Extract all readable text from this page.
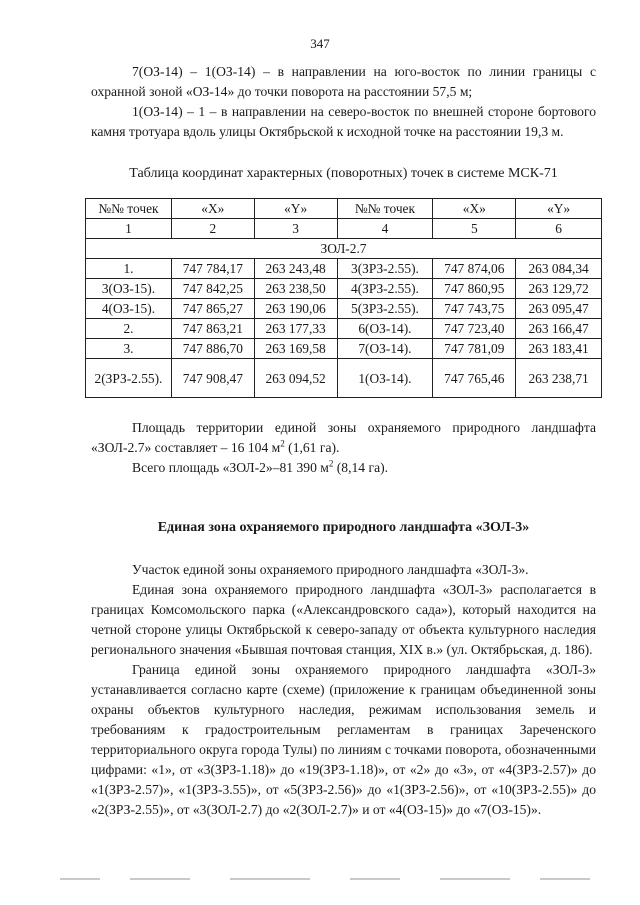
347

7(ОЗ-14) – 1(ОЗ-14) – в направлении на юго-восток по линии границы с охранной зоной «ОЗ-14» до точки поворота на расстоянии 57,5 м;

1(ОЗ-14) – 1 – в направлении на северо-восток по внешней стороне бортового камня тротуара вдоль улицы Октябрьской к исходной точке на расстоянии 19,3 м.

Таблица координат характерных (поворотных) точек в системе МСК-71
№№ точек	«X»	«Y»	№№ точек	«X»	«Y»
1	2	3	4	5	6
ЗОЛ-2.7					
1.	747 784,17	263 243,48	3(ЗРЗ-2.55).	747 874,06	263 084,34
3(ОЗ-15).	747 842,25	263 238,50	4(ЗРЗ-2.55).	747 860,95	263 129,72
4(ОЗ-15).	747 865,27	263 190,06	5(ЗРЗ-2.55).	747 743,75	263 095,47
2.	747 863,21	263 177,33	6(ОЗ-14).	747 723,40	263 166,47
3.	747 886,70	263 169,58	7(ОЗ-14).	747 781,09	263 183,41
2(ЗРЗ-2.55).	747 908,47	263 094,52	1(ОЗ-14).	747 765,46	263 238,71

Площадь территории единой зоны охраняемого природного ландшафта «ЗОЛ-2.7» составляет – 16 104 $м^2$ (1,61 га).

Всего площадь «ЗОЛ-2»–81 390 $м^2$ (8,14 га).

Единая зона охраняемого природного ландшафта «ЗОЛ-3»

Участок единой зоны охраняемого природного ландшафта «ЗОЛ-3».

Единая зона охраняемого природного ландшафта «ЗОЛ-3» располагается в границах Комсомольского парка («Александровского сада»), который находится на четной стороне улицы Октябрьской к северо-западу от объекта культурного наследия регионального значения «Бывшая почтовая станция, XIX в.» (ул. Октябрьская, д. 186).

Граница единой зоны охраняемого природного ландшафта «ЗОЛ-3» устанавливается согласно карте (схеме) (приложение к границам объединенной зоны охраны объектов культурного наследия, режимам использования земель и требованиям к градостроительным регламентам в границах Зареченского территориального округа города Тулы) по линиям с точками поворота, обозначенными цифрами: «1», от «3(ЗРЗ-1.18)» до «19(ЗРЗ-1.18)», от «2» до «3», от «4(ЗРЗ-2.57)» до «1(ЗРЗ-2.57)», «1(ЗРЗ-3.55)», от «5(ЗРЗ-2.56)» до «1(ЗРЗ-2.56)», от «10(ЗРЗ-2.55)» до «2(ЗРЗ-2.55)», от «3(ЗОЛ-2.7) до «2(ЗОЛ-2.7)» и от «4(ОЗ-15)» до «7(ОЗ-15)».
